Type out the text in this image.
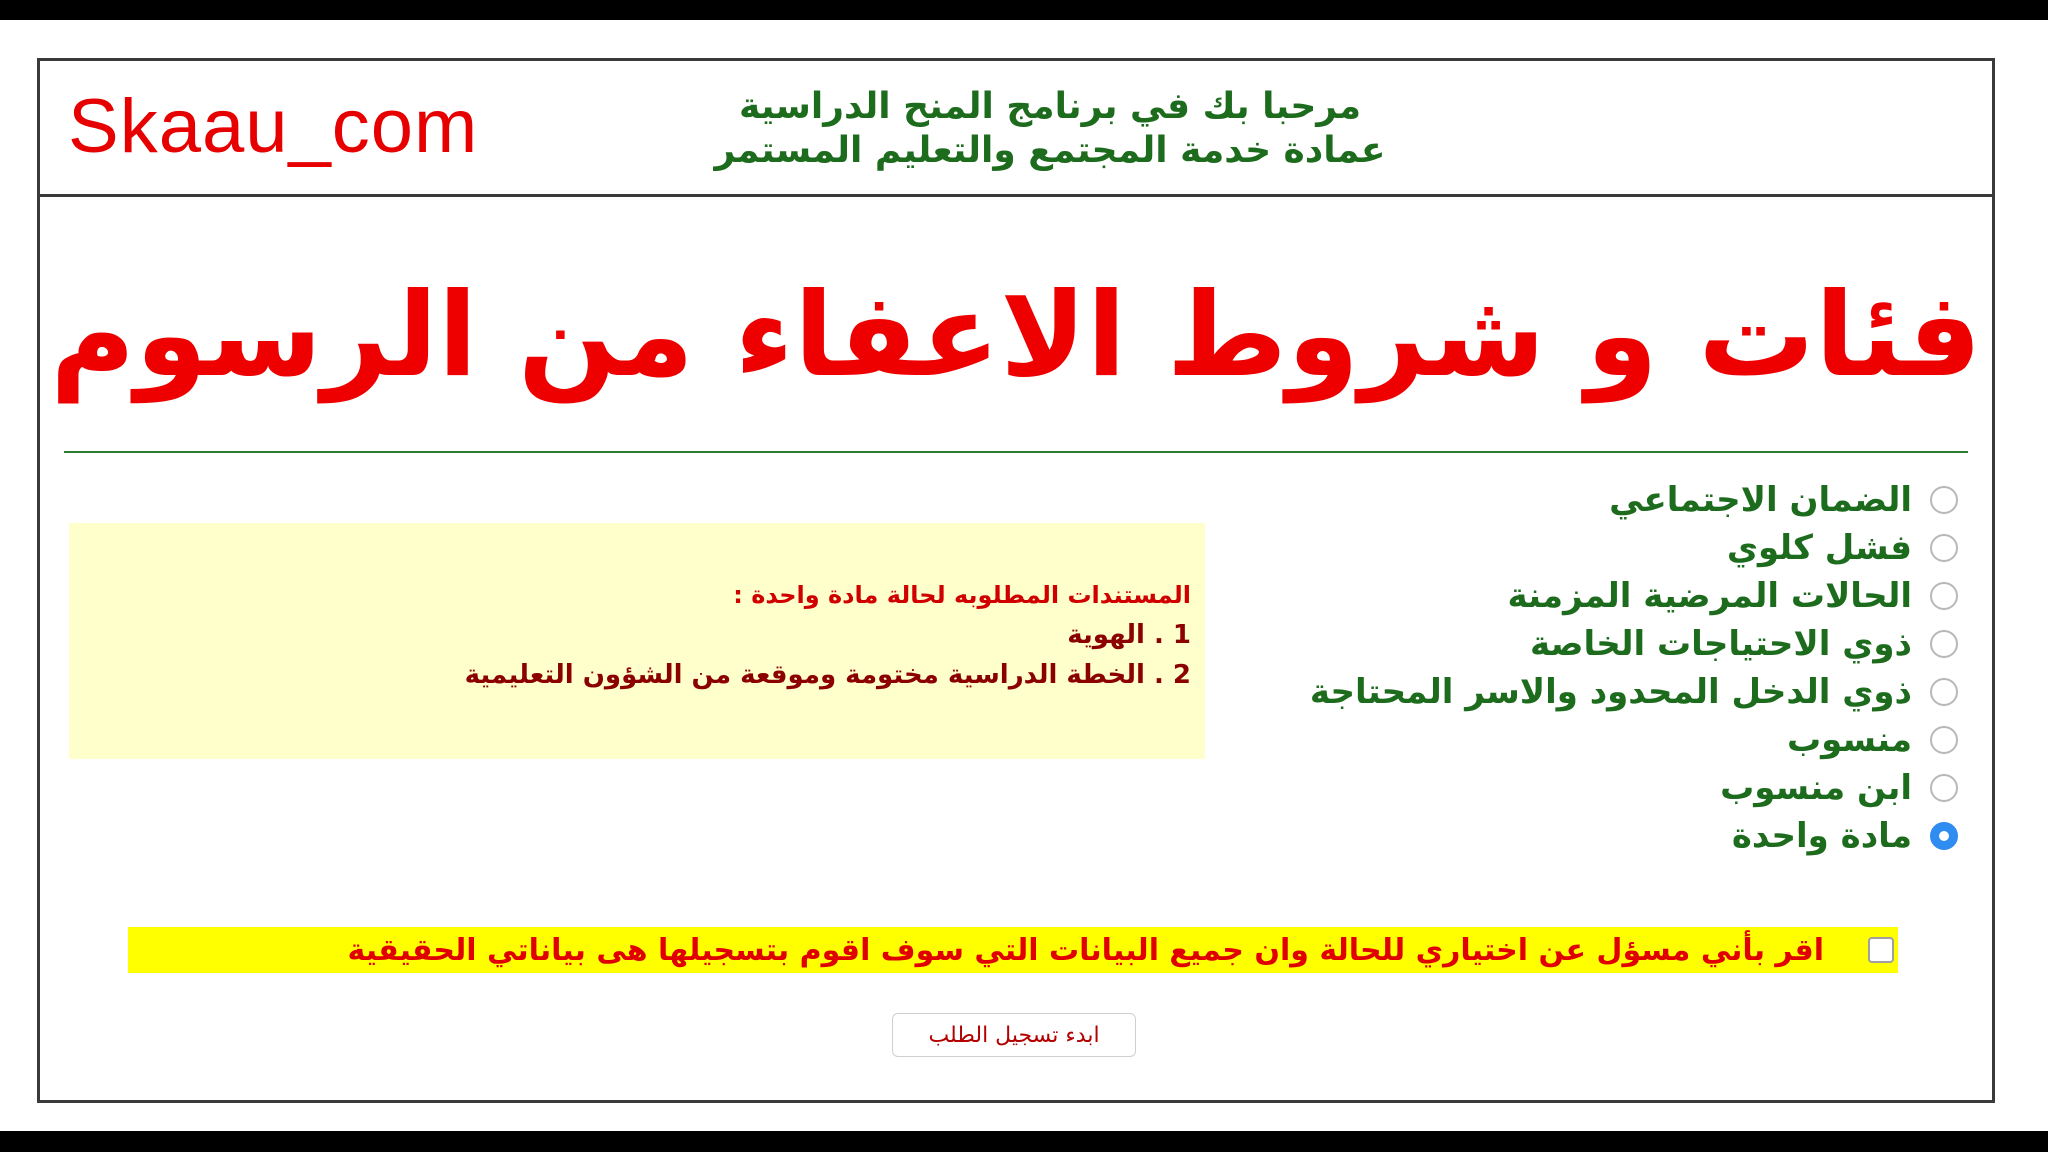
Skaau_com	مرحبا بك في برنامج المنح الدراسية
عمادة خدمة المجتمع والتعليم المستمر
فئات و شروط الاعفاء من الرسوم
الضمان الاجتماعي
فشل كلوي
الحالات المرضية المزمنة
ذوي الاحتياجات الخاصة
ذوي الدخل المحدود والاسر المحتاجة
منسوب
ابن منسوب
مادة واحدة
المستندات المطلوبه لحالة مادة واحدة :
1 . الهوية
2 . الخطة الدراسية مختومة وموقعة من الشؤون التعليمية
اقر بأني مسؤل عن اختياري للحالة وان جميع البيانات التي سوف اقوم بتسجيلها هى بياناتي الحقيقية
ابدء تسجيل الطلب
